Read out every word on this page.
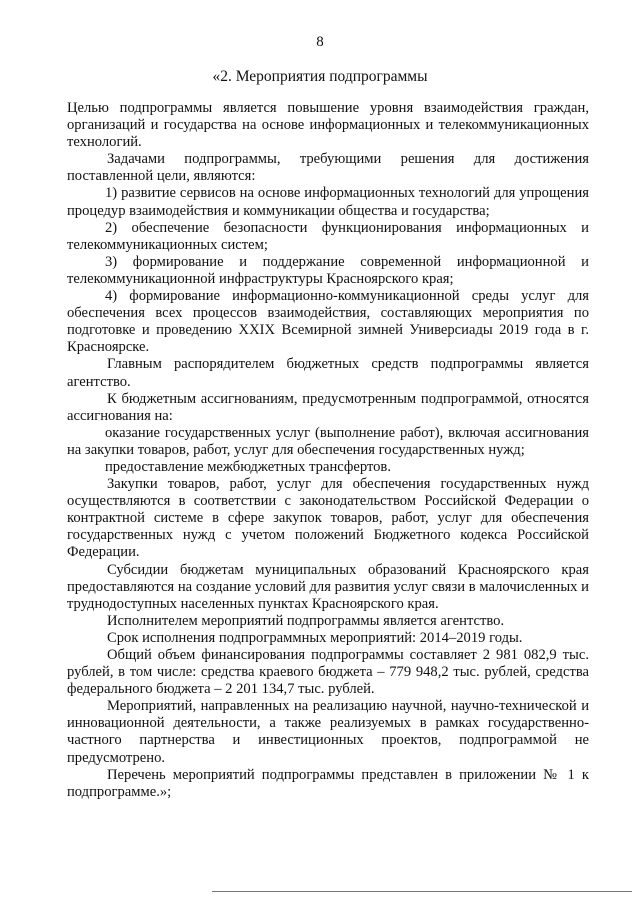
8
«2. Мероприятия подпрограммы

Целью подпрограммы является повышение уровня взаимодействия граждан, организаций и государства на основе информационных и телекоммуникационных технологий.

Задачами подпрограммы, требующими решения для достижения поставленной цели, являются:

1) развитие сервисов на основе информационных технологий для упрощения процедур взаимодействия и коммуникации общества и государства;

2) обеспечение безопасности функционирования информационных и телекоммуникационных систем;

3) формирование и поддержание современной информационной и телекоммуникационной инфраструктуры Красноярского края;

4) формирование информационно-коммуникационной среды услуг для обеспечения всех процессов взаимодействия, составляющих мероприятия по подготовке и проведению XXIX Всемирной зимней Универсиады 2019 года в г. Красноярске.

Главным распорядителем бюджетных средств подпрограммы является агентство.

К бюджетным ассигнованиям, предусмотренным подпрограммой, относятся ассигнования на:

оказание государственных услуг (выполнение работ), включая ассигнования на закупки товаров, работ, услуг для обеспечения государственных нужд;

предоставление межбюджетных трансфертов.

Закупки товаров, работ, услуг для обеспечения государственных нужд осуществляются в соответствии с законодательством Российской Федерации о контрактной системе в сфере закупок товаров, работ, услуг для обеспечения государственных нужд с учетом положений Бюджетного кодекса Российской Федерации.

Субсидии бюджетам муниципальных образований Красноярского края предоставляются на создание условий для развития услуг связи в малочисленных и труднодоступных населенных пунктах Красноярского края.

Исполнителем мероприятий подпрограммы является агентство.

Срок исполнения подпрограммных мероприятий: 2014–2019 годы.

Общий объем финансирования подпрограммы составляет 2 981 082,9 тыс. рублей, в том числе: средства краевого бюджета – 779 948,2 тыс. рублей, средства федерального бюджета – 2 201 134,7 тыс. рублей.

Мероприятий, направленных на реализацию научной, научно-технической и инновационной деятельности, а также реализуемых в рамках государственно-частного партнерства и инвестиционных проектов, подпрограммой не предусмотрено.

Перечень мероприятий подпрограммы представлен в приложении № 1 к подпрограмме.»;
